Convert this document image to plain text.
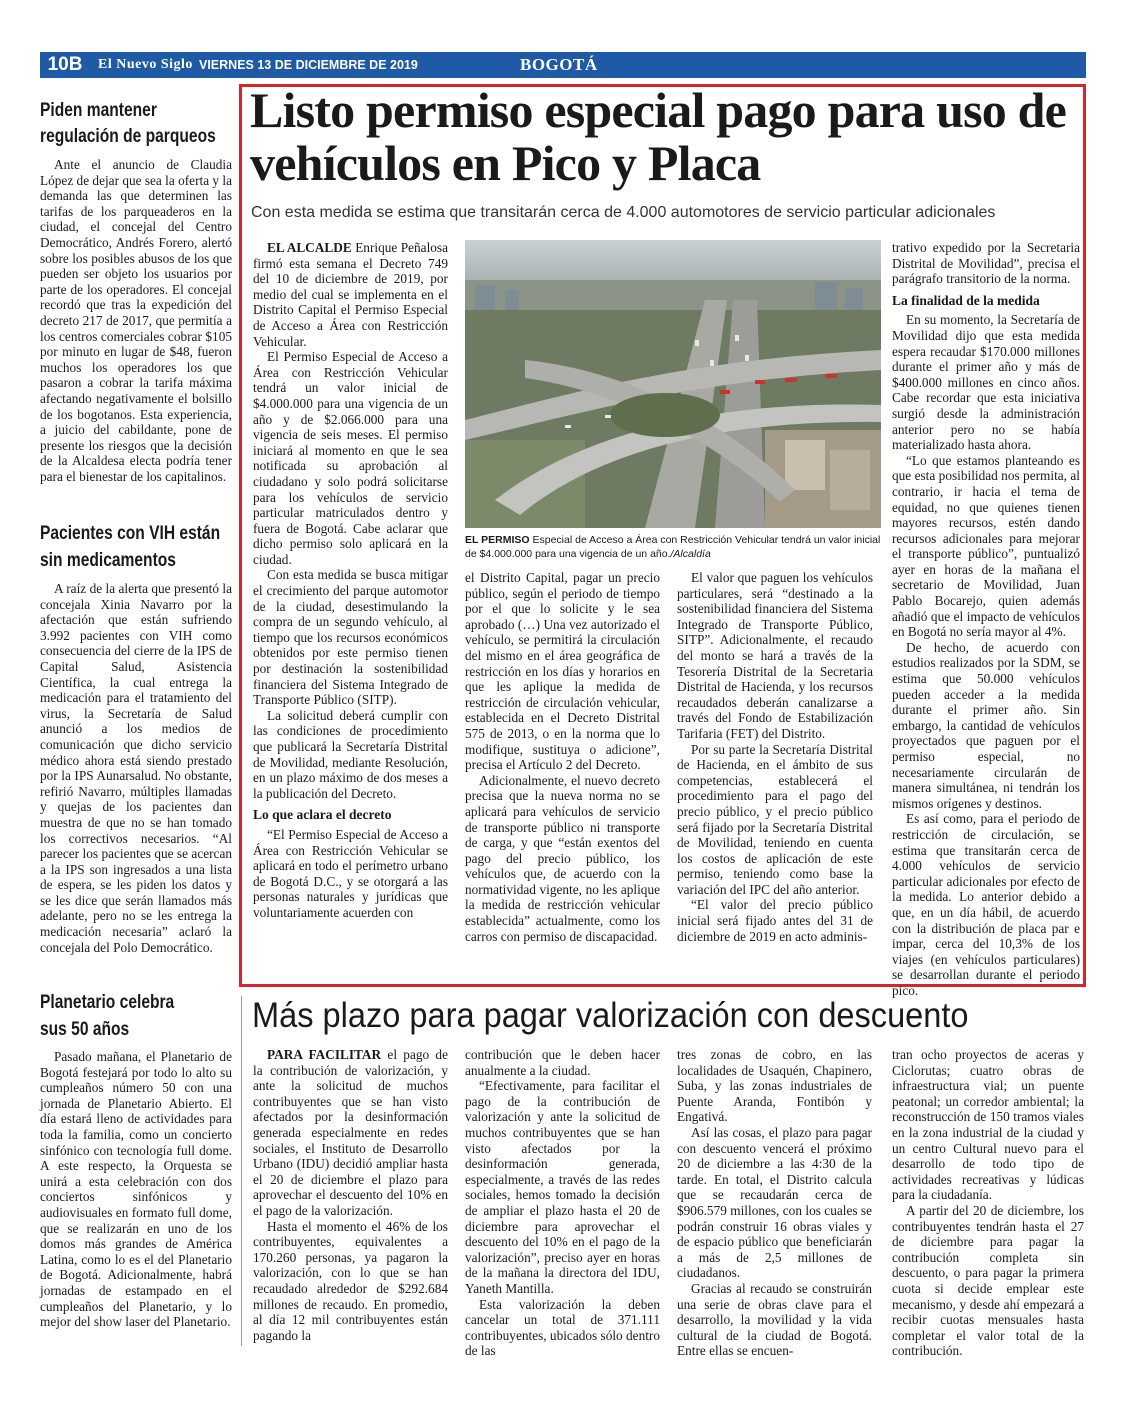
10B	El Nuevo Siglo VIERNES 13 DE DICIEMBRE DE 2019	BOGOTÁ
Piden mantener
regulación de parqueos

Ante el anuncio de Claudia López de dejar que sea la oferta y la demanda las que determinen las tarifas de los parqueaderos en la ciudad, el concejal del Centro Democrático, Andrés Forero, alertó sobre los posibles abusos de los que pueden ser objeto los usuarios por parte de los operadores. El concejal recordó que tras la expedición del decreto 217 de 2017, que permitía a los centros comerciales cobrar $105 por minuto en lugar de $48, fueron muchos los operadores los que pasaron a cobrar la tarifa máxima afectando negativamente el bolsillo de los bogotanos. Esta experiencia, a juicio del cabildante, pone de presente los riesgos que la decisión de la Alcaldesa electa podría tener para el bienestar de los capitalinos.

Pacientes con VIH están
sin medicamentos

A raíz de la alerta que presentó la concejala Xinia Navarro por la afectación que están sufriendo 3.992 pacientes con VIH como consecuencia del cierre de la IPS de Capital Salud, Asistencia Científica, la cual entrega la medicación para el tratamiento del virus, la Secretaría de Salud anunció a los medios de comunicación que dicho servicio médico ahora está siendo prestado por la IPS Aunarsalud. No obstante, refirió Navarro, múltiples llamadas y quejas de los pacientes dan muestra de que no se han tomado los correctivos necesarios. “Al parecer los pacientes que se acercan a la IPS son ingresados a una lista de espera, se les piden los datos y se les dice que serán llamados más adelante, pero no se les entrega la medicación necesaria” aclaró la concejala del Polo Democrático.

Planetario celebra
sus 50 años

Pasado mañana, el Planetario de Bogotá festejará por todo lo alto su cumpleaños número 50 con una jornada de Planetario Abierto. El día estará lleno de actividades para toda la familia, como un concierto sinfónico con tecnología full dome. A este respecto, la Orquesta se unirá a esta celebración con dos conciertos sinfónicos y audiovisuales en formato full dome, que se realizarán en uno de los domos más grandes de América Latina, como lo es el del Planetario de Bogotá. Adicionalmente, habrá jornadas de estampado en el cumpleaños del Planetario, y lo mejor del show laser del Planetario.

Listo permiso especial pago para uso de vehículos en Pico y Placa
Con esta medida se estima que transitarán cerca de 4.000 automotores de servicio particular adicionales

EL ALCALDE Enrique Peñalosa firmó esta semana el Decreto 749 del 10 de diciembre de 2019, por medio del cual se implementa en el Distrito Capital el Permiso Especial de Acceso a Área con Restricción Vehicular.

El Permiso Especial de Acceso a Área con Restricción Vehicular tendrá un valor inicial de $4.000.000 para una vigencia de un año y de $2.066.000 para una vigencia de seis meses. El permiso iniciará al momento en que le sea notificada su aprobación al ciudadano y solo podrá solicitarse para los vehículos de servicio particular matriculados dentro y fuera de Bogotá. Cabe aclarar que dicho permiso solo aplicará en la ciudad.

Con esta medida se busca mitigar el crecimiento del parque automotor de la ciudad, desestimulando la compra de un segundo vehículo, al tiempo que los recursos económicos obtenidos por este permiso tienen por destinación la sostenibilidad financiera del Sistema Integrado de Transporte Público (SITP).

La solicitud deberá cumplir con las condiciones de procedimiento que publicará la Secretaría Distrital de Movilidad, mediante Resolución, en un plazo máximo de dos meses a la publicación del Decreto.

Lo que aclara el decreto

“El Permiso Especial de Acceso a Área con Restricción Vehicular se aplicará en todo el perímetro urbano de Bogotá D.C., y se otorgará a las personas naturales y jurídicas que voluntariamente acuerden con

EL PERMISO Especial de Acceso a Área con Restricción Vehicular tendrá un valor inicial de $4.000.000 para una vigencia de un año./Alcaldía

el Distrito Capital, pagar un precio público, según el periodo de tiempo por el que lo solicite y le sea aprobado (…) Una vez autorizado el vehículo, se permitirá la circulación del mismo en el área geográfica de restricción en los días y horarios en que les aplique la medida de restricción de circulación vehicular, establecida en el Decreto Distrital 575 de 2013, o en la norma que lo modifique, sustituya o adicione”, precisa el Artículo 2 del Decreto.

Adicionalmente, el nuevo decreto precisa que la nueva norma no se aplicará para vehículos de servicio de transporte público ni transporte de carga, y que “están exentos del pago del precio público, los vehículos que, de acuerdo con la normatividad vigente, no les aplique la medida de restricción vehicular establecida” actualmente, como los carros con permiso de discapacidad.

El valor que paguen los vehículos particulares, será “destinado a la sostenibilidad financiera del Sistema Integrado de Transporte Público, SITP”. Adicionalmente, el recaudo del monto se hará a través de la Tesorería Distrital de la Secretaria Distrital de Hacienda, y los recursos recaudados deberán canalizarse a través del Fondo de Estabilización Tarifaria (FET) del Distrito.

Por su parte la Secretaría Distrital de Hacienda, en el ámbito de sus competencias, establecerá el procedimiento para el pago del precio público, y el precio público será fijado por la Secretaría Distrital de Movilidad, teniendo en cuenta los costos de aplicación de este permiso, teniendo como base la variación del IPC del año anterior.

“El valor del precio público inicial será fijado antes del 31 de diciembre de 2019 en acto adminis-

trativo expedido por la Secretaria Distrital de Movilidad”, precisa el parágrafo transitorio de la norma.

La finalidad de la medida

En su momento, la Secretaría de Movilidad dijo que esta medida espera recaudar $170.000 millones durante el primer año y más de $400.000 millones en cinco años. Cabe recordar que esta iniciativa surgió desde la administración anterior pero no se había materializado hasta ahora.

“Lo que estamos planteando es que esta posibilidad nos permita, al contrario, ir hacia el tema de equidad, no que quienes tienen mayores recursos, estén dando recursos adicionales para mejorar el transporte público”, puntualizó ayer en horas de la mañana el secretario de Movilidad, Juan Pablo Bocarejo, quien además añadió que el impacto de vehículos en Bogotá no sería mayor al 4%.

De hecho, de acuerdo con estudios realizados por la SDM, se estima que 50.000 vehículos pueden acceder a la medida durante el primer año. Sin embargo, la cantidad de vehículos proyectados que paguen por el permiso especial, no necesariamente circularán de manera simultánea, ni tendrán los mismos orígenes y destinos.

Es así como, para el periodo de restricción de circulación, se estima que transitarán cerca de 4.000 vehículos de servicio particular adicionales por efecto de la medida. Lo anterior debido a que, en un día hábil, de acuerdo con la distribución de placa par e impar, cerca del 10,3% de los viajes (en vehículos particulares) se desarrollan durante el periodo pico.

Más plazo para pagar valorización con descuento

PARA FACILITAR el pago de la contribución de valorización, y ante la solicitud de muchos contribuyentes que se han visto afectados por la desinformación generada especialmente en redes sociales, el Instituto de Desarrollo Urbano (IDU) decidió ampliar hasta el 20 de diciembre el plazo para aprovechar el descuento del 10% en el pago de la valorización.

Hasta el momento el 46% de los contribuyentes, equivalentes a 170.260 personas, ya pagaron la valorización, con lo que se han recaudado alrededor de $292.684 millones de recaudo. En promedio, al día 12 mil contribuyentes están pagando la

contribución que le deben hacer anualmente a la ciudad.

“Efectivamente, para facilitar el pago de la contribución de valorización y ante la solicitud de muchos contribuyentes que se han visto afectados por la desinformación generada, especialmente, a través de las redes sociales, hemos tomado la decisión de ampliar el plazo hasta el 20 de diciembre para aprovechar el descuento del 10% en el pago de la valorización”, preciso ayer en horas de la mañana la directora del IDU, Yaneth Mantilla.

Esta valorización la deben cancelar un total de 371.111 contribuyentes, ubicados sólo dentro de las

tres zonas de cobro, en las localidades de Usaquén, Chapinero, Suba, y las zonas industriales de Puente Aranda, Fontibón y Engativá.

Así las cosas, el plazo para pagar con descuento vencerá el próximo 20 de diciembre a las 4:30 de la tarde. En total, el Distrito calcula que se recaudarán cerca de $906.579 millones, con los cuales se podrán construir 16 obras viales y de espacio público que beneficiarán a más de 2,5 millones de ciudadanos.

Gracias al recaudo se construirán una serie de obras clave para el desarrollo, la movilidad y la vida cultural de la ciudad de Bogotá. Entre ellas se encuen-

tran ocho proyectos de aceras y Ciclorutas; cuatro obras de infraestructura vial; un puente peatonal; un corredor ambiental; la reconstrucción de 150 tramos viales en la zona industrial de la ciudad y un centro Cultural nuevo para el desarrollo de todo tipo de actividades recreativas y lúdicas para la ciudadanía.

A partir del 20 de diciembre, los contribuyentes tendrán hasta el 27 de diciembre para pagar la contribución completa sin descuento, o para pagar la primera cuota si decide emplear este mecanismo, y desde ahí empezará a recibir cuotas mensuales hasta completar el valor total de la contribución.
